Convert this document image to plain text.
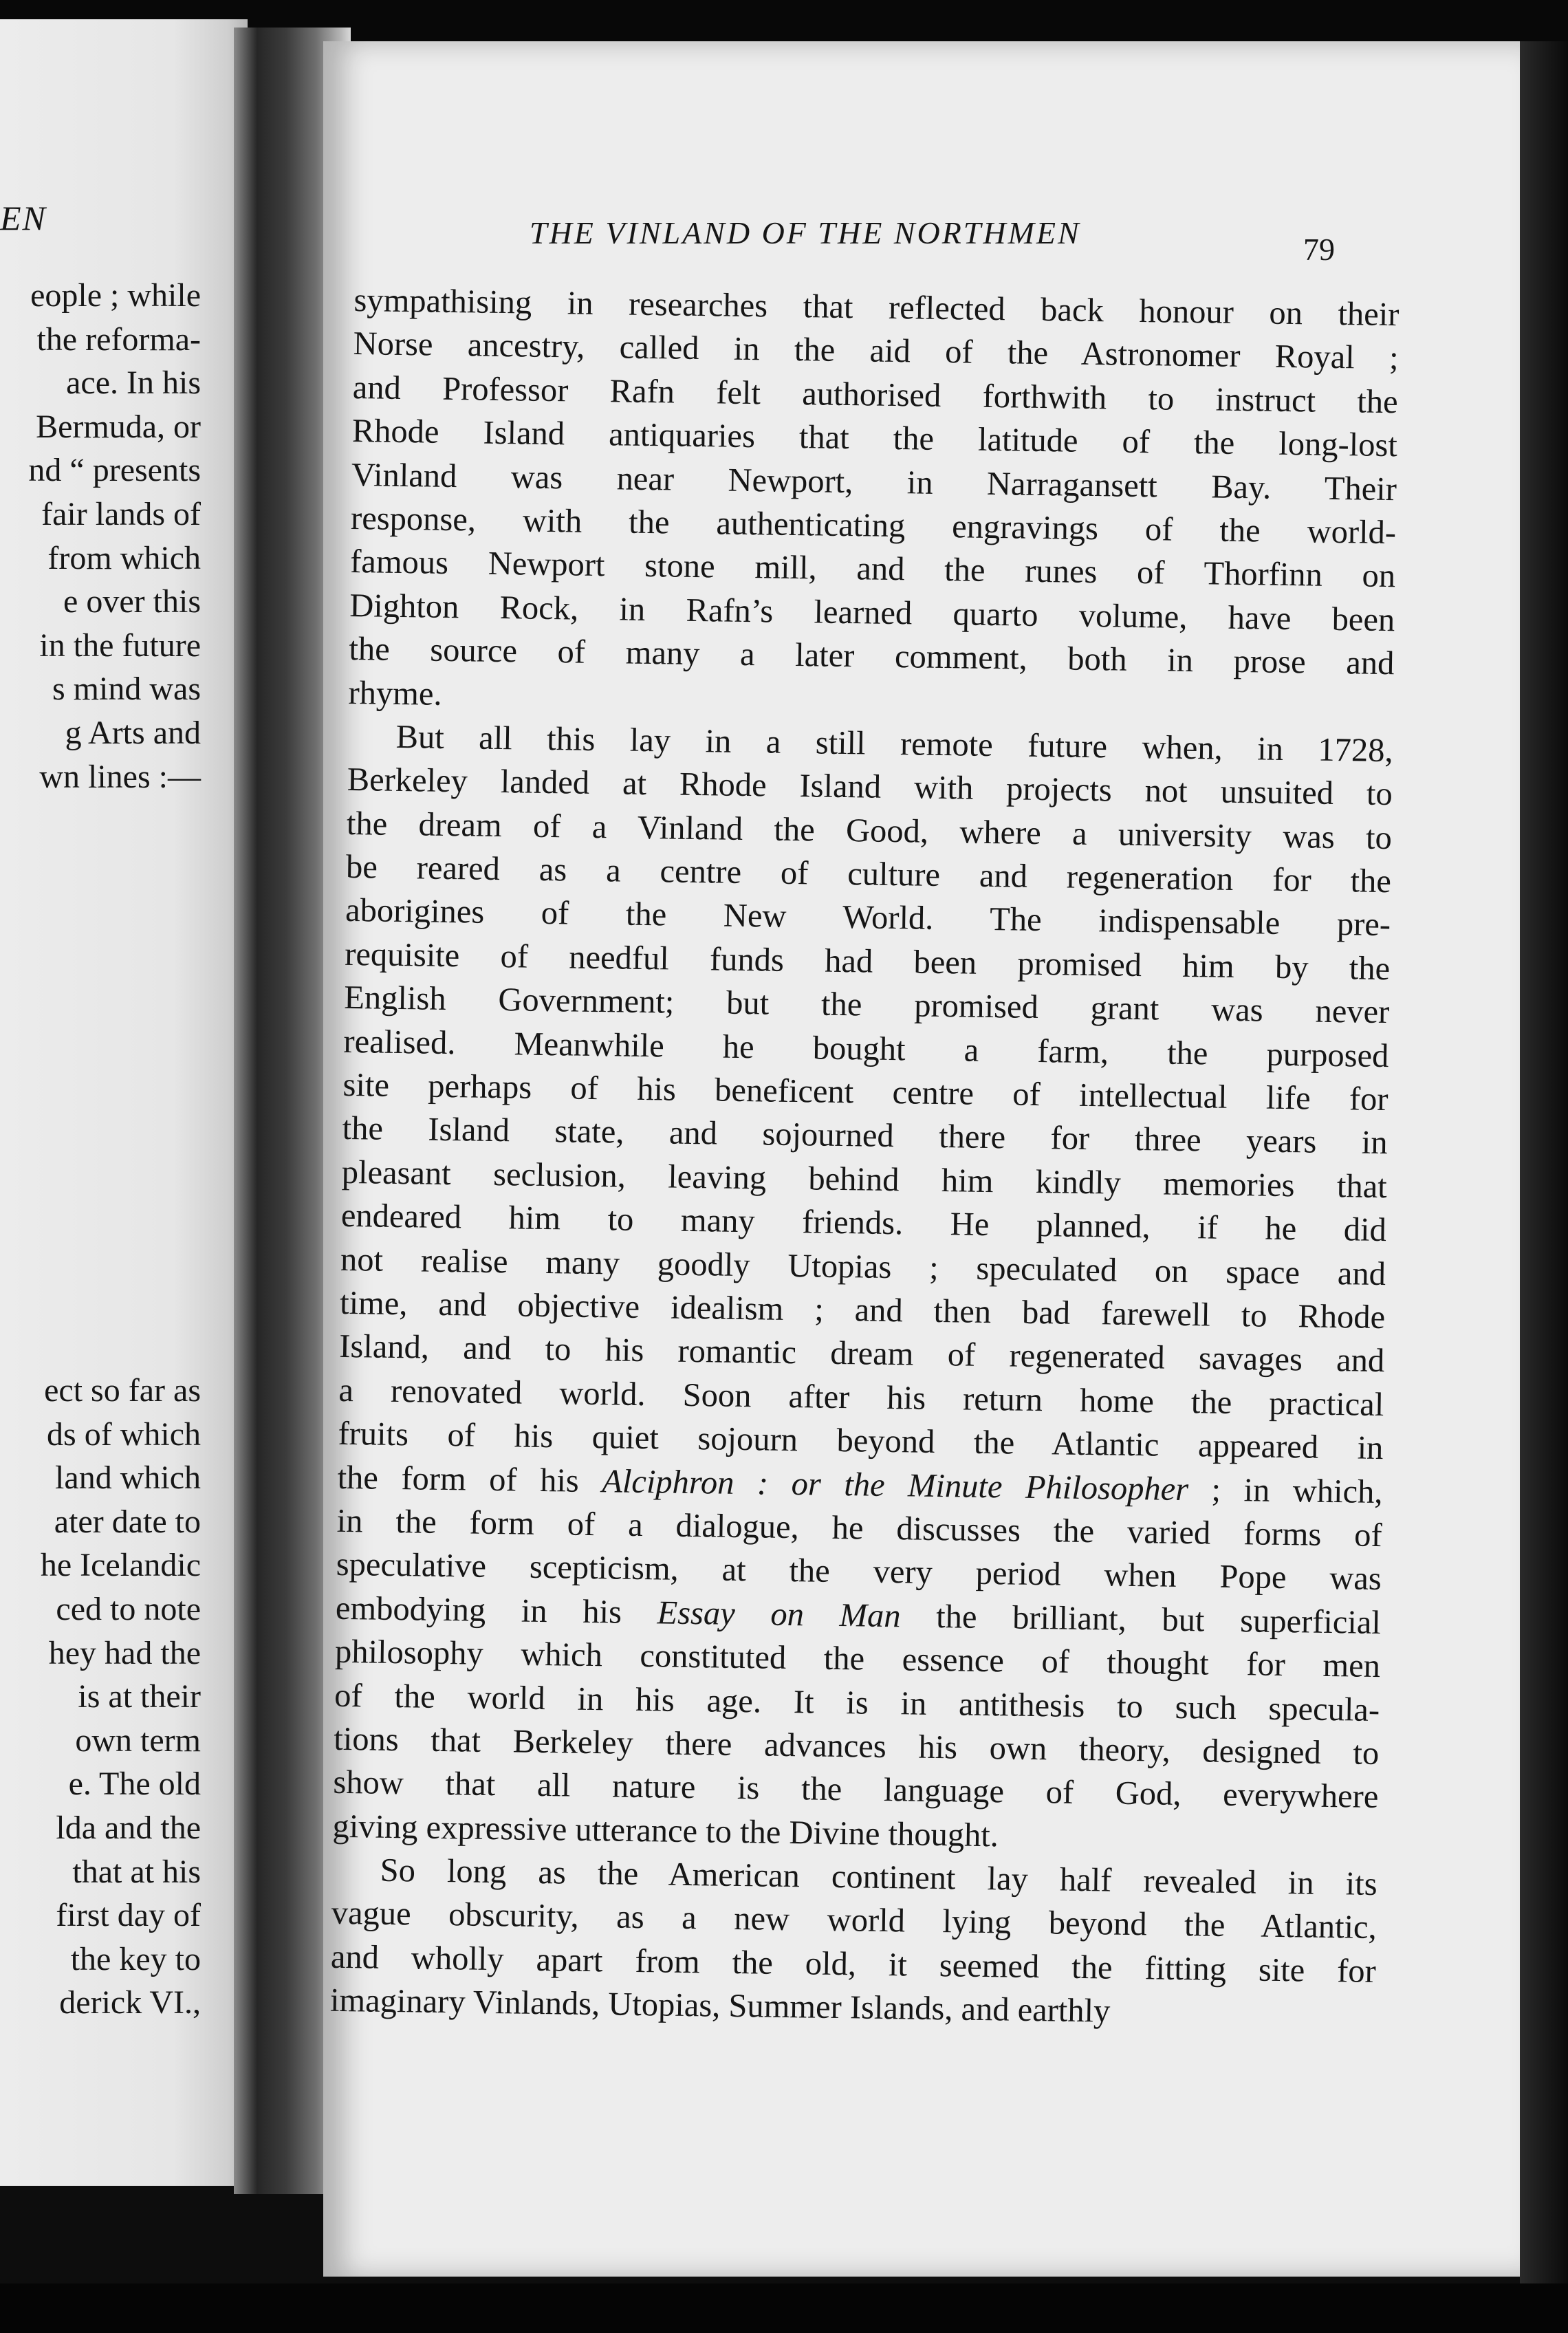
EN
eople ; while
the reforma-
ace. In his
Bermuda, or
nd “ presents
fair lands of
from which
e over this
in the future
s mind was
g Arts and
wn lines :—
ect so far as
ds of which
land which
ater date to
he Icelandic
ced to note
hey had the
is at their
own term
e. The old
lda and the
that at his
first day of
the key to
derick VI.,
THE VINLAND OF THE NORTHMEN	79
sympathising in researches that reflected back honour on their
Norse ancestry, called in the aid of the Astronomer Royal ;
and Professor Rafn felt authorised forthwith to instruct the
Rhode Island antiquaries that the latitude of the long-lost
Vinland was near Newport, in Narragansett Bay. Their
response, with the authenticating engravings of the world-
famous Newport stone mill, and the runes of Thorfinn on
Dighton Rock, in Rafn’s learned quarto volume, have been
the source of many a later comment, both in prose and
rhyme.
But all this lay in a still remote future when, in 1728,
Berkeley landed at Rhode Island with projects not unsuited to
the dream of a Vinland the Good, where a university was to
be reared as a centre of culture and regeneration for the
aborigines of the New World. The indispensable pre-
requisite of needful funds had been promised him by the
English Government; but the promised grant was never
realised. Meanwhile he bought a farm, the purposed
site perhaps of his beneficent centre of intellectual life for
the Island state, and sojourned there for three years in
pleasant seclusion, leaving behind him kindly memories that
endeared him to many friends. He planned, if he did
not realise many goodly Utopias ; speculated on space and
time, and objective idealism ; and then bad farewell to Rhode
Island, and to his romantic dream of regenerated savages and
a renovated world. Soon after his return home the practical
fruits of his quiet sojourn beyond the Atlantic appeared in
the form of his Alciphron : or the Minute Philosopher ; in which,
in the form of a dialogue, he discusses the varied forms of
speculative scepticism, at the very period when Pope was
embodying in his Essay on Man the brilliant, but superficial
philosophy which constituted the essence of thought for men
of the world in his age. It is in antithesis to such specula-
tions that Berkeley there advances his own theory, designed to
show that all nature is the language of God, everywhere
giving expressive utterance to the Divine thought.
So long as the American continent lay half revealed in its
vague obscurity, as a new world lying beyond the Atlantic,
and wholly apart from the old, it seemed the fitting site for
imaginary Vinlands, Utopias, Summer Islands, and earthly
